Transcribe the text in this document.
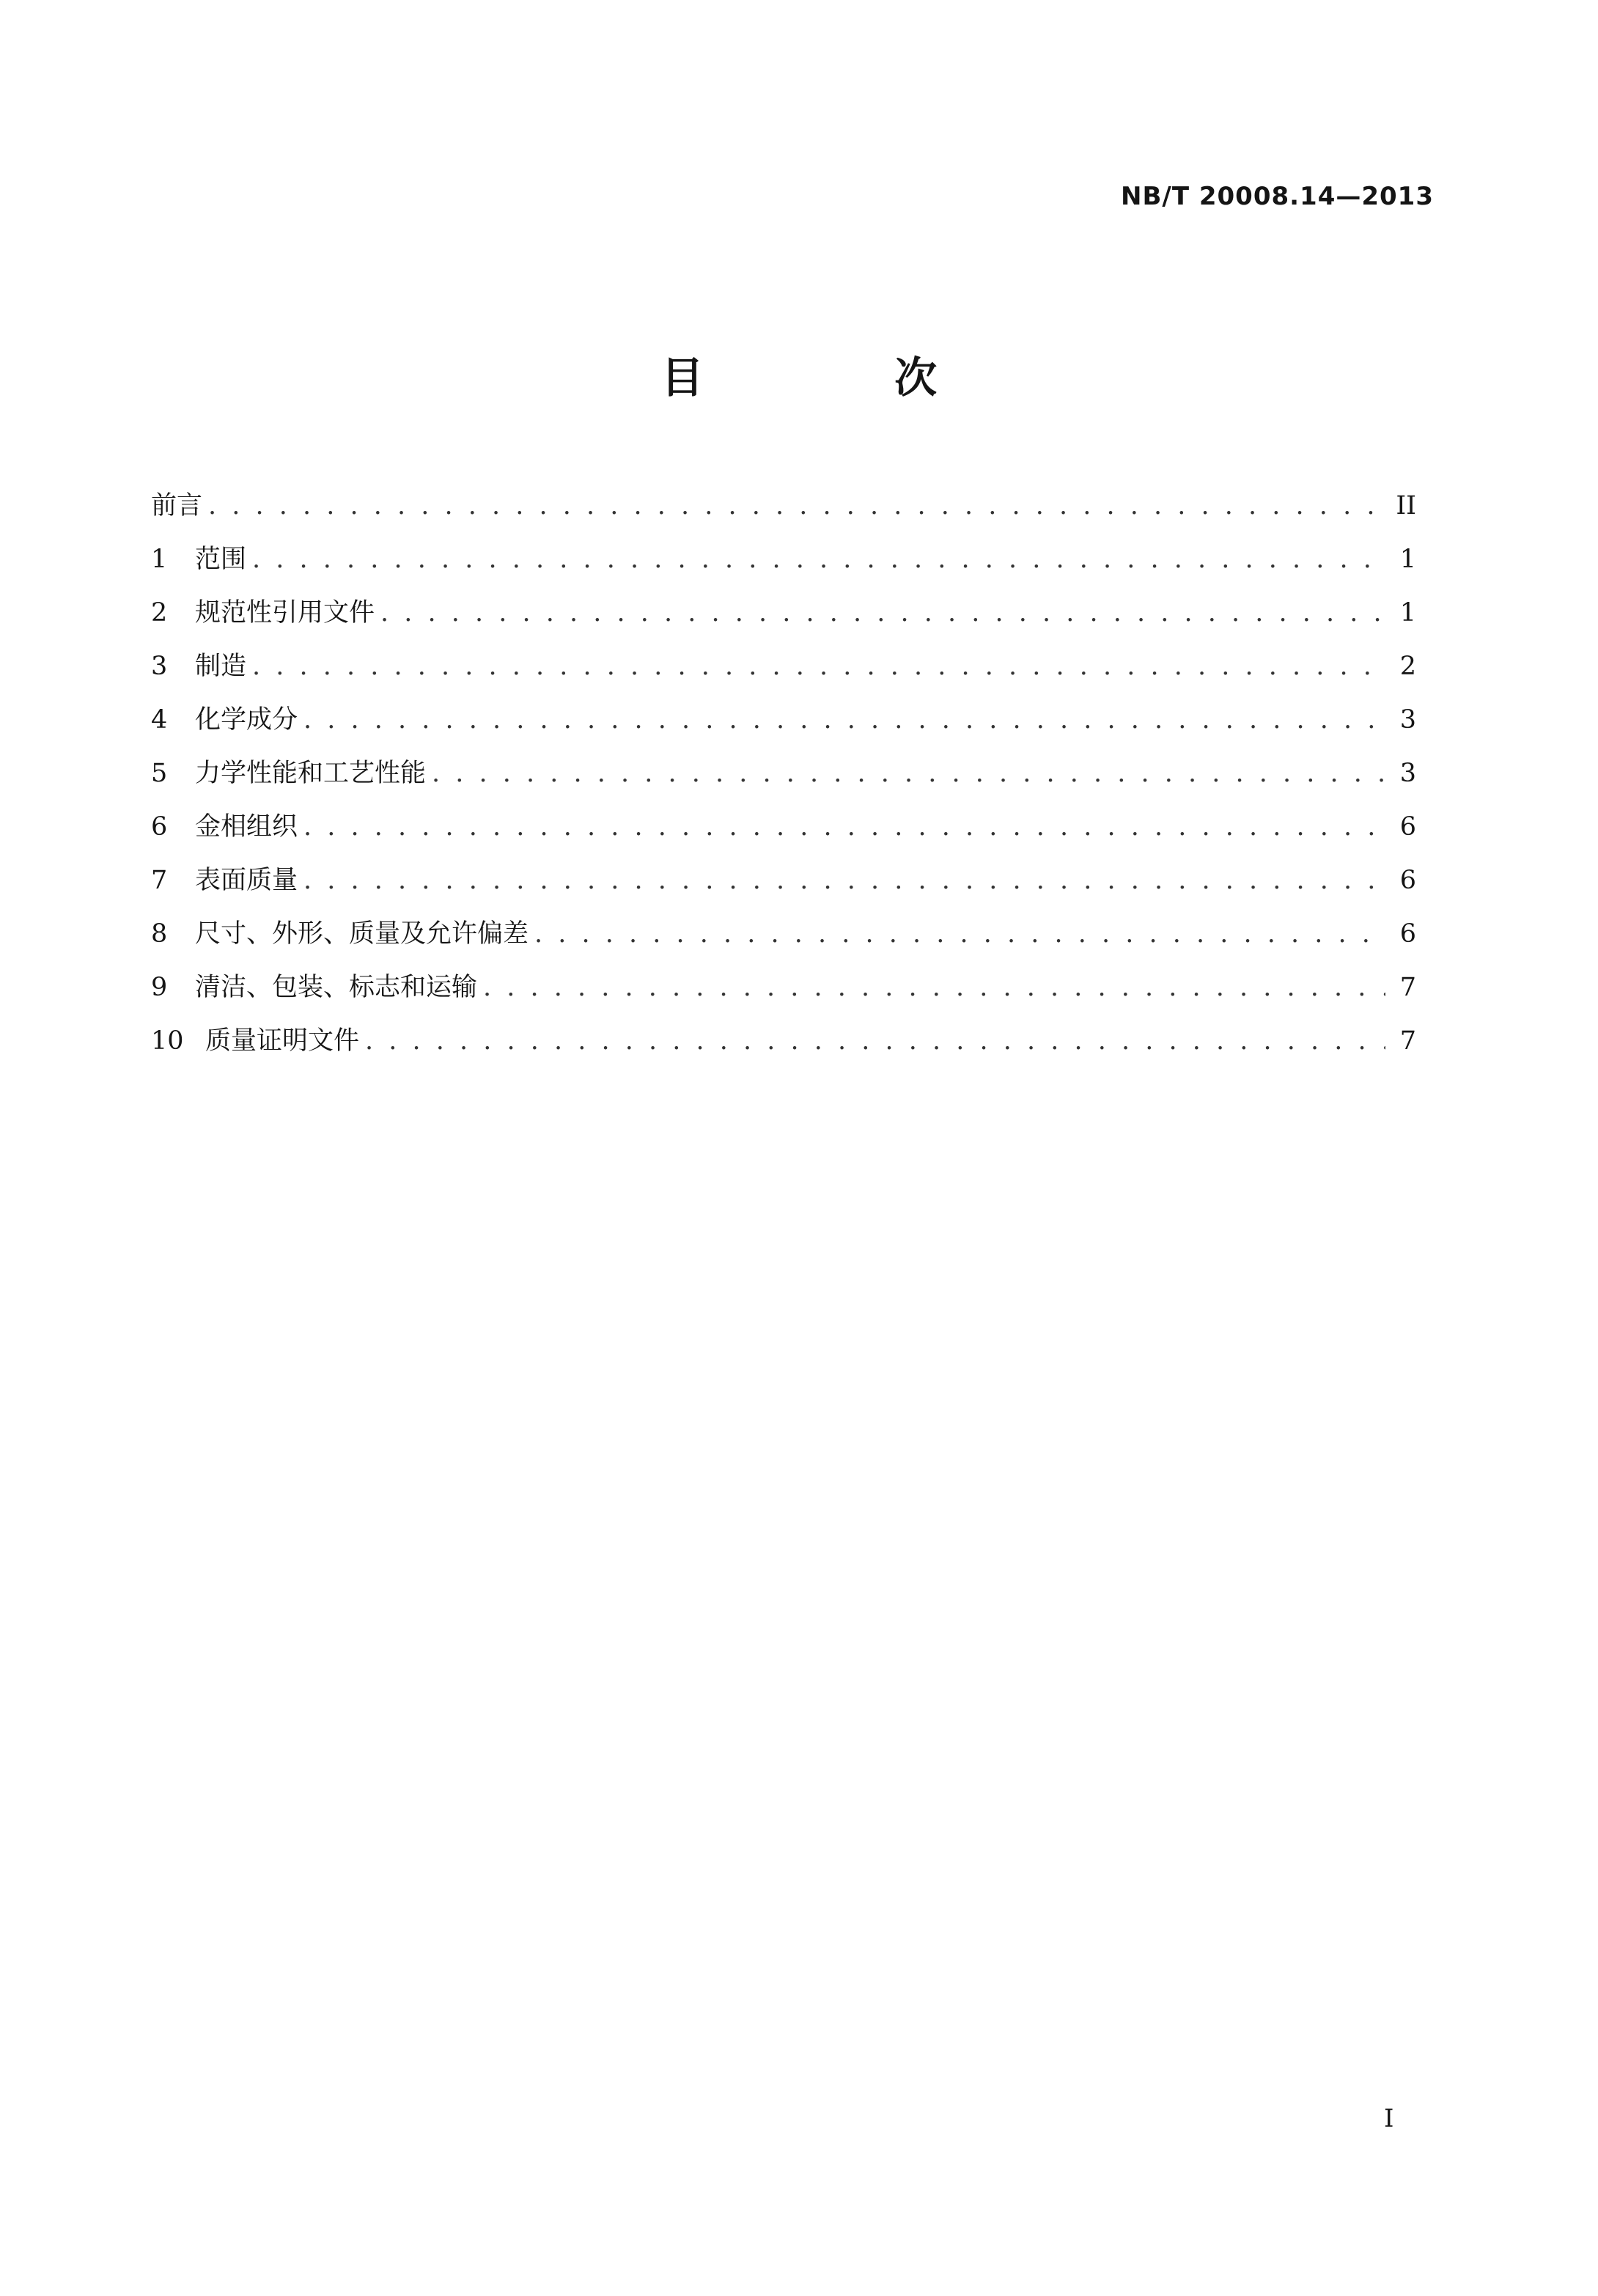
NB/T 20008.14—2013
目 次
前言 . . .	II
1	范围 . . .	1
2	规范性引用文件 . . .	1
3	制造 . . .	2
4	化学成分 . . .	3
5	力学性能和工艺性能 . . .	3
6	金相组织 . . .	6
7	表面质量 . . .	6
8	尺寸、外形、质量及允许偏差 . . .	6
9	清洁、包装、标志和运输 . . .	7
10 质量证明文件 . . .	7
I
